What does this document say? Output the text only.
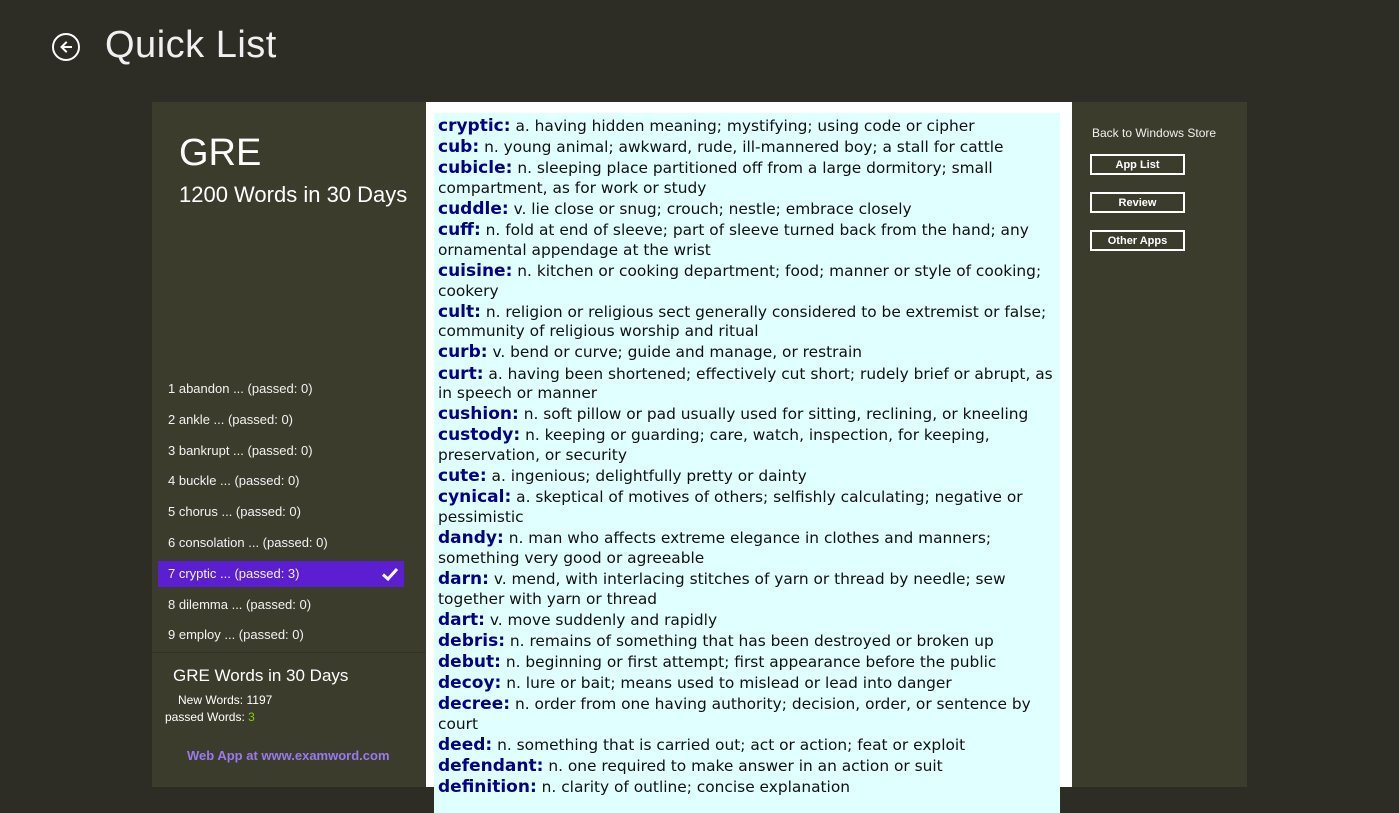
Quick List
GRE
1200 Words in 30 Days
1 abandon ... (passed: 0)
2 ankle ... (passed: 0)
3 bankrupt ... (passed: 0)
4 buckle ... (passed: 0)
5 chorus ... (passed: 0)
6 consolation ... (passed: 0)
7 cryptic ... (passed: 3)
8 dilemma ... (passed: 0)
9 employ ... (passed: 0)
GRE Words in 30 Days
New Words: 1197
passed Words: 3
Web App at www.examword.com
cryptic: a. having hidden meaning; mystifying; using code or cipher
cub: n. young animal; awkward, rude, ill-mannered boy; a stall for cattle
cubicle: n. sleeping place partitioned off from a large dormitory; small compartment, as for work or study
cuddle: v. lie close or snug; crouch; nestle; embrace closely
cuff: n. fold at end of sleeve; part of sleeve turned back from the hand; any ornamental appendage at the wrist
cuisine: n. kitchen or cooking department; food; manner or style of cooking; cookery
cult: n. religion or religious sect generally considered to be extremist or false; community of religious worship and ritual
curb: v. bend or curve; guide and manage, or restrain
curt: a. having been shortened; effectively cut short; rudely brief or abrupt, as in speech or manner
cushion: n. soft pillow or pad usually used for sitting, reclining, or kneeling
custody: n. keeping or guarding; care, watch, inspection, for keeping, preservation, or security
cute: a. ingenious; delightfully pretty or dainty
cynical: a. skeptical of motives of others; selfishly calculating; negative or pessimistic
dandy: n. man who affects extreme elegance in clothes and manners; something very good or agreeable
darn: v. mend, with interlacing stitches of yarn or thread by needle; sew together with yarn or thread
dart: v. move suddenly and rapidly
debris: n. remains of something that has been destroyed or broken up
debut: n. beginning or first attempt; first appearance before the public
decoy: n. lure or bait; means used to mislead or lead into danger
decree: n. order from one having authority; decision, order, or sentence by court
deed: n. something that is carried out; act or action; feat or exploit
defendant: n. one required to make answer in an action or suit
definition: n. clarity of outline; concise explanation
Back to Windows Store
App List
Review
Other Apps
